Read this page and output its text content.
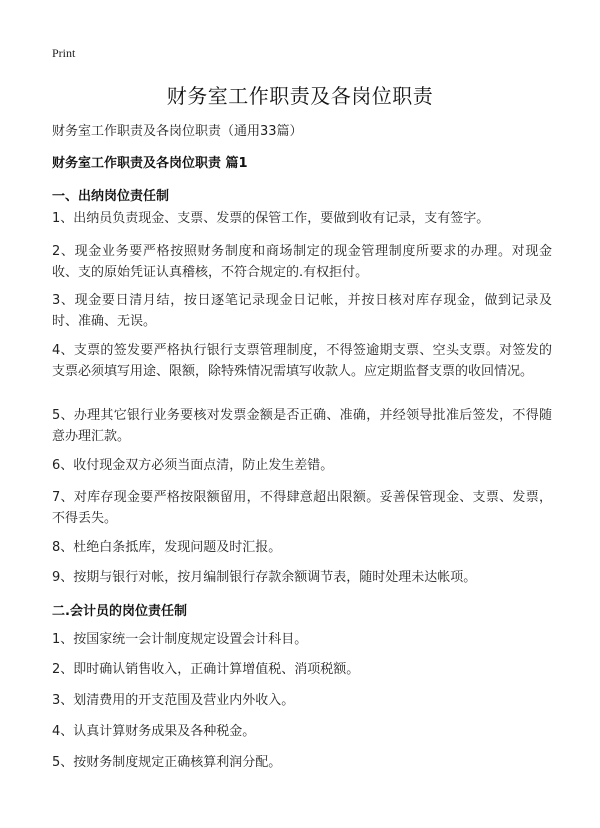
Print
财务室工作职责及各岗位职责
财务室工作职责及各岗位职责（通用33篇）
财务室工作职责及各岗位职责 篇1
一、出纳岗位责任制
1、出纳员负责现金、支票、发票的保管工作，要做到收有记录，支有签字。
2、现金业务要严格按照财务制度和商场制定的现金管理制度所要求的办理。对现金收、支的原始凭证认真稽核，不符合规定的.有权拒付。
3、现金要日清月结，按日逐笔记录现金日记帐，并按日核对库存现金，做到记录及时、准确、无误。
4、支票的签发要严格执行银行支票管理制度，不得签逾期支票、空头支票。对签发的支票必须填写用途、限额，除特殊情况需填写收款人。应定期监督支票的收回情况。
5、办理其它银行业务要核对发票金额是否正确、准确，并经领导批准后签发，不得随意办理汇款。
6、收付现金双方必须当面点清，防止发生差错。
7、对库存现金要严格按限额留用，不得肆意超出限额。妥善保管现金、支票、发票，不得丢失。
8、杜绝白条抵库，发现问题及时汇报。
9、按期与银行对帐，按月编制银行存款余额调节表，随时处理未达帐项。
二.会计员的岗位责任制
1、按国家统一会计制度规定设置会计科目。
2、即时确认销售收入，正确计算增值税、消项税额。
3、划清费用的开支范围及营业内外收入。
4、认真计算财务成果及各种税金。
5、按财务制度规定正确核算利润分配。
